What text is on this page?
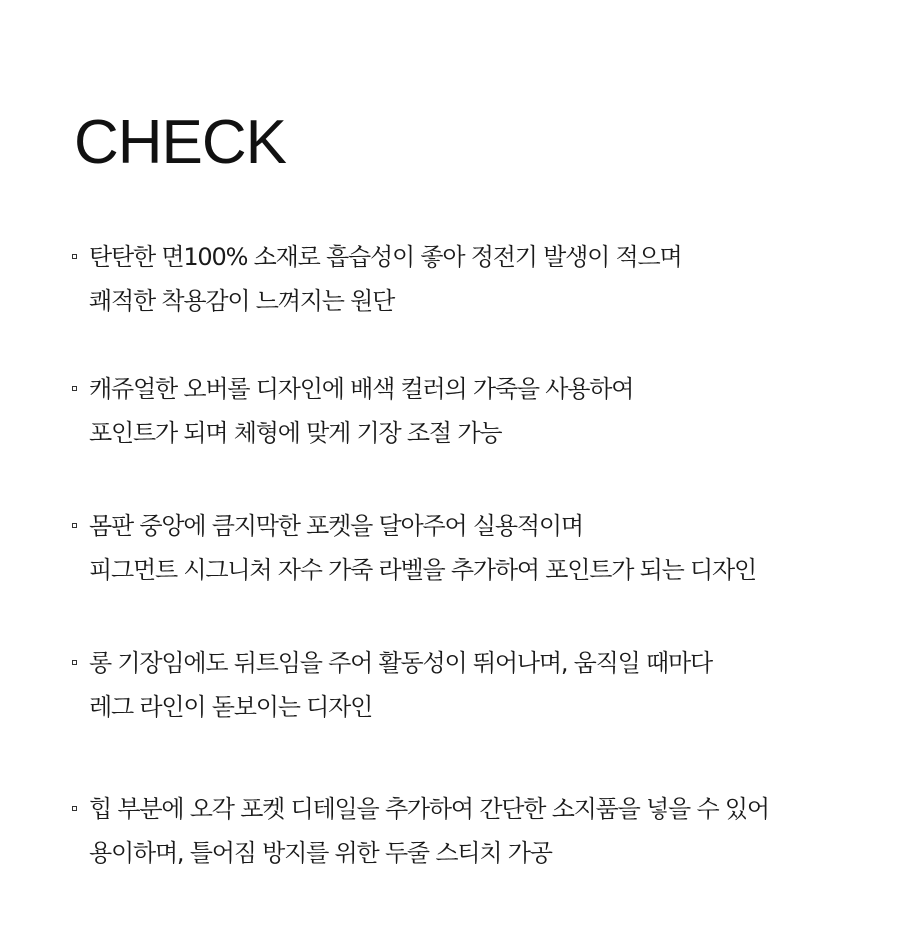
CHECK
탄탄한 면100% 소재로 흡습성이 좋아 정전기 발생이 적으며
쾌적한 착용감이 느껴지는 원단
캐쥬얼한 오버롤 디자인에 배색 컬러의 가죽을 사용하여
포인트가 되며 체형에 맞게 기장 조절 가능
몸판 중앙에 큼지막한 포켓을 달아주어 실용적이며
피그먼트 시그니처 자수 가죽 라벨을 추가하여 포인트가 되는 디자인
롱 기장임에도 뒤트임을 주어 활동성이 뛰어나며, 움직일 때마다
레그 라인이 돋보이는 디자인
힙 부분에 오각 포켓 디테일을 추가하여 간단한 소지품을 넣을 수 있어
용이하며, 틀어짐 방지를 위한 두줄 스티치 가공
